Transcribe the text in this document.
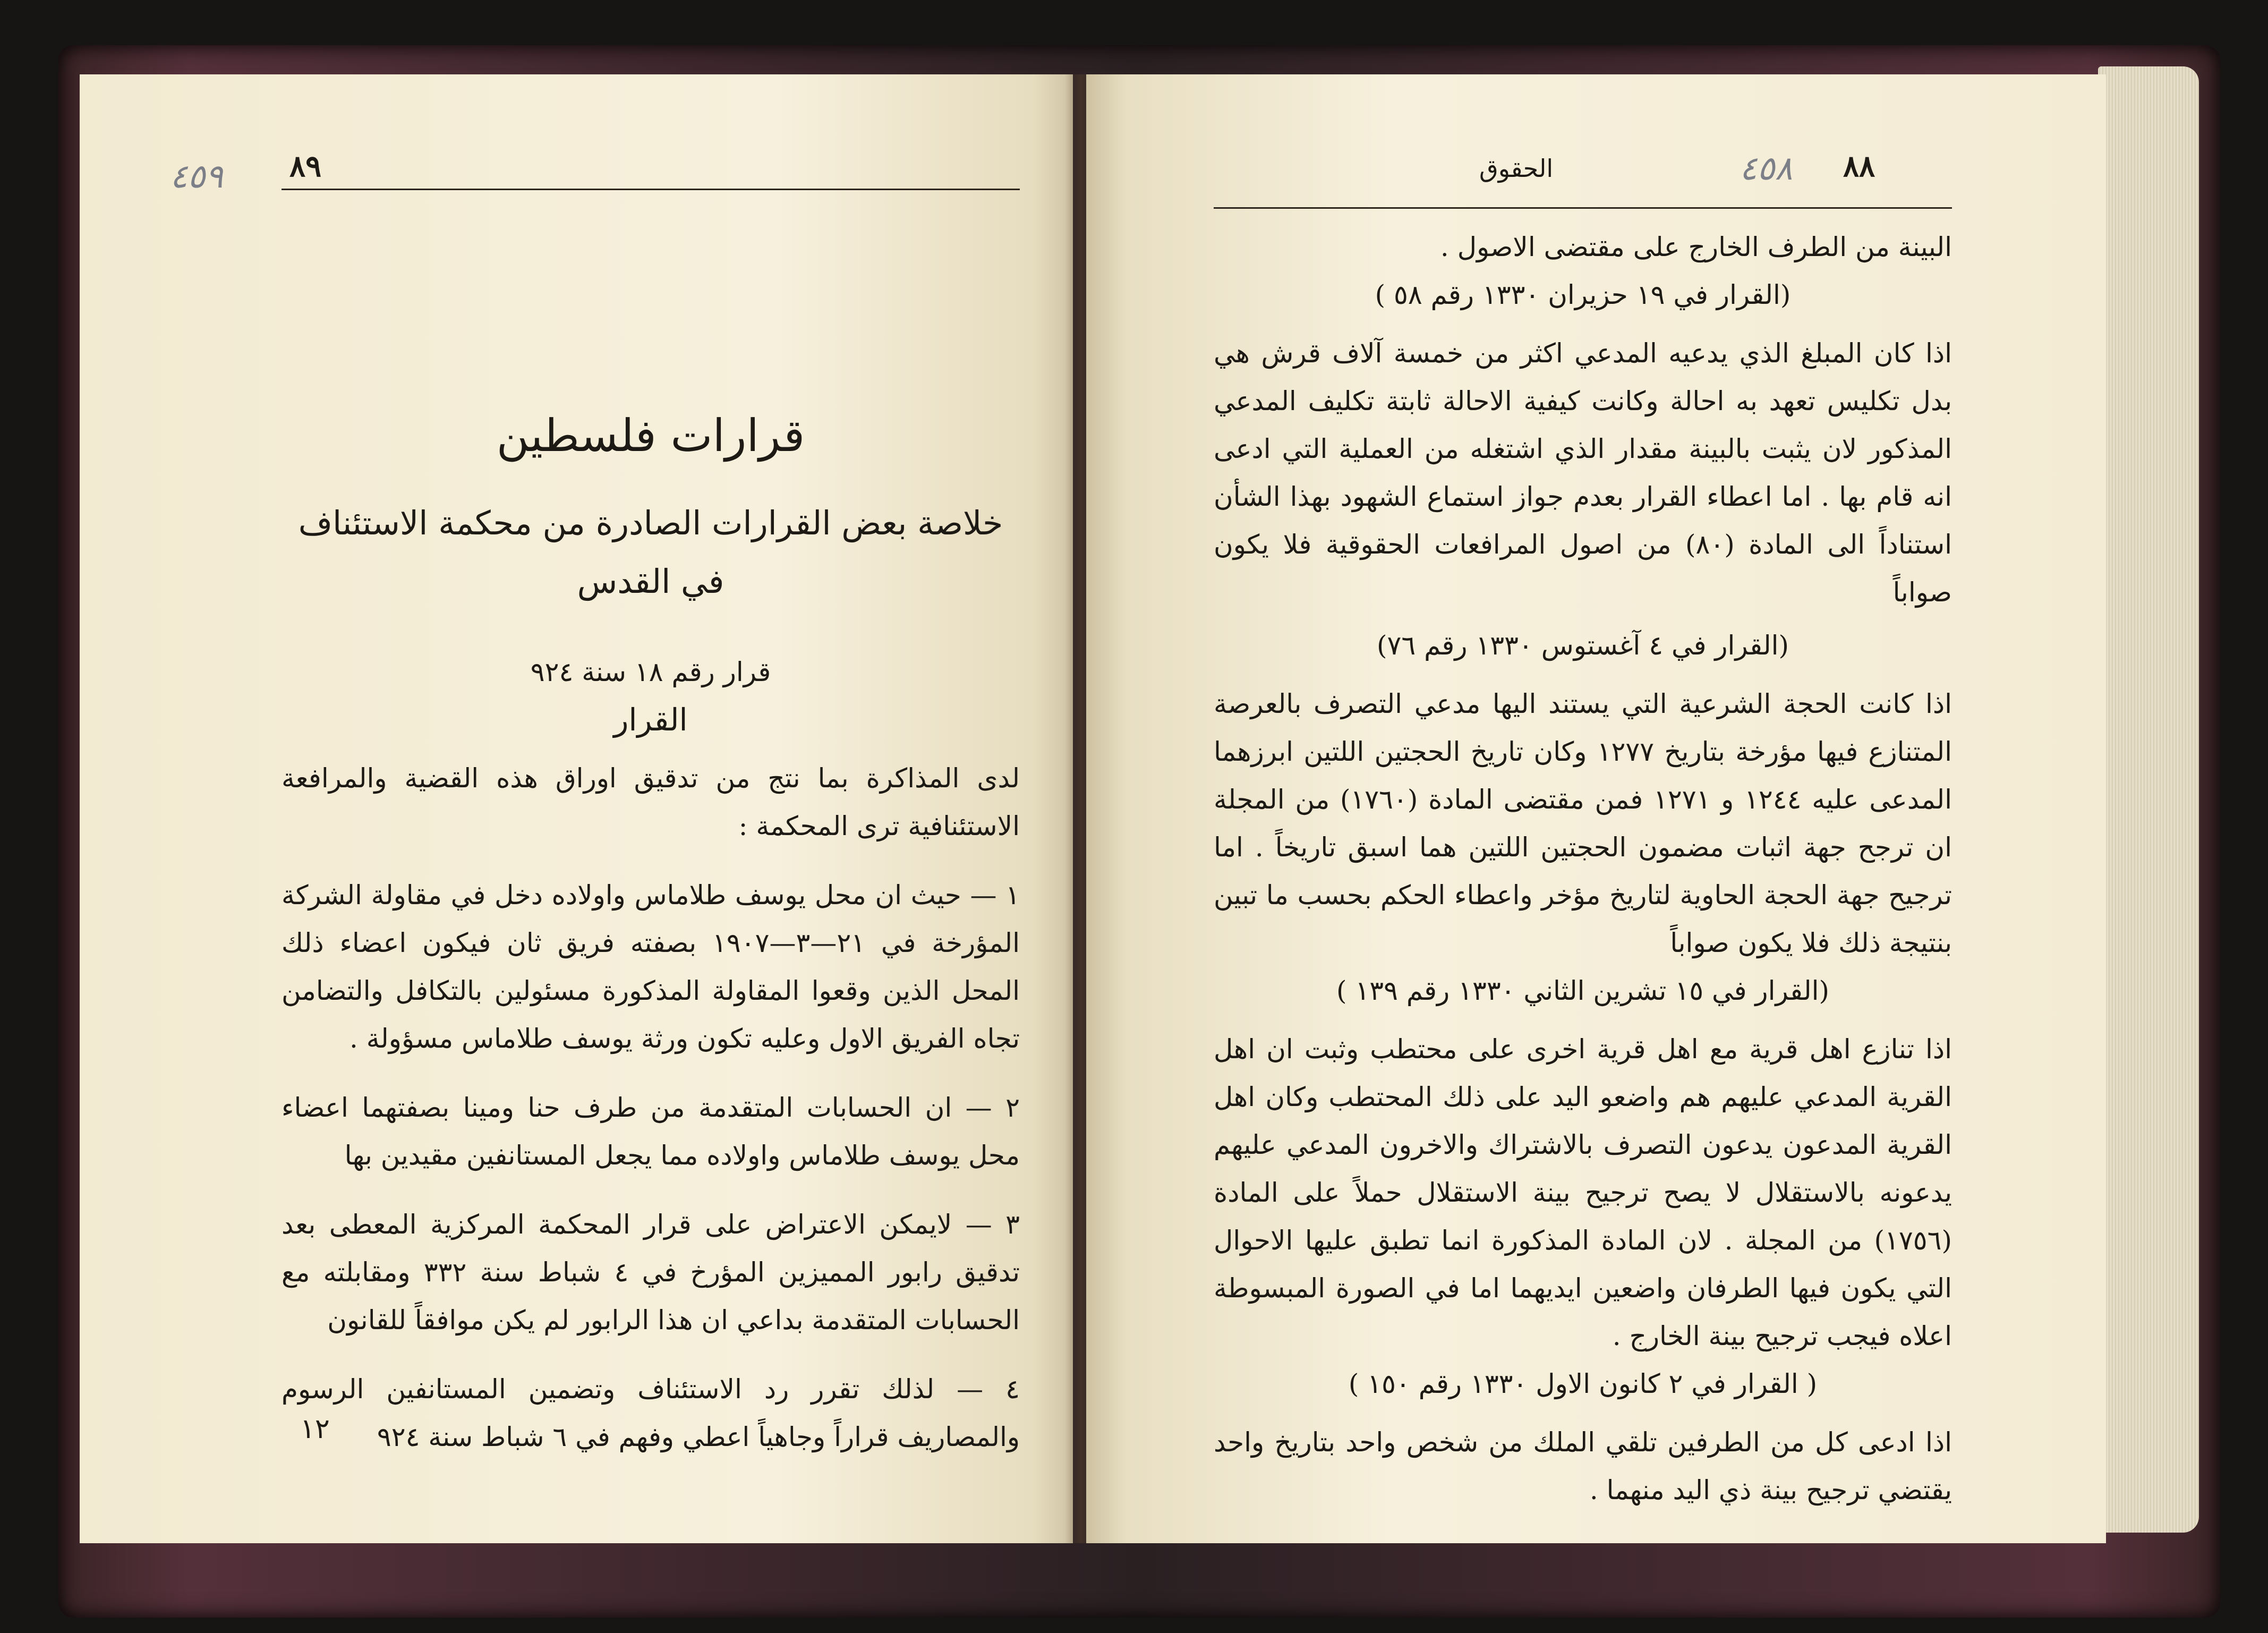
٤٥٩ ٨٩
قرارات فلسطين
خلاصة بعض القرارات الصادرة من محكمة الاستئناف في القدس
قرار رقم ١٨ سنة ٩٢٤
القرار

لدى المذاكرة بما نتج من تدقيق اوراق هذه القضية والمرافعة الاستئنافية ترى المحكمة :

١ — حيث ان محل يوسف طلاماس واولاده دخل في مقاولة الشركة المؤرخة في ٢١—٣—١٩٠٧ بصفته فريق ثان فيكون اعضاء ذلك المحل الذين وقعوا المقاولة المذكورة مسئولين بالتكافل والتضامن تجاه الفريق الاول وعليه تكون ورثة يوسف طلاماس مسؤولة .

٢ — ان الحسابات المتقدمة من طرف حنا ومينا بصفتهما اعضاء محل يوسف طلاماس واولاده مما يجعل المستانفين مقيدين بها

٣ — لايمكن الاعتراض على قرار المحكمة المركزية المعطى بعد تدقيق رابور المميزين المؤرخ في ٤ شباط سنة ٣٣٢ ومقابلته مع الحسابات المتقدمة بداعي ان هذا الرابور لم يكن موافقاً للقانون

٤ — لذلك تقرر رد الاستئناف وتضمين المستانفين الرسوم والمصاريف قراراً وجاهياً اعطي وفهم في ٦ شباط سنة ٩٢٤

١٢
الحقوق	٤٥٨ ٨٨

البينة من الطرف الخارج على مقتضى الاصول .

(القرار في ١٩ حزيران ١٣٣٠ رقم ٥٨ )

اذا كان المبلغ الذي يدعيه المدعي اكثر من خمسة آلاف قرش هي بدل تكليس تعهد به احالة وكانت كيفية الاحالة ثابتة تكليف المدعي المذكور لان يثبت بالبينة مقدار الذي اشتغله من العملية التي ادعى انه قام بها . اما اعطاء القرار بعدم جواز استماع الشهود بهذا الشأن استناداً الى المادة (٨٠) من اصول المرافعات الحقوقية فلا يكون صواباً

(القرار في ٤ آغستوس ١٣٣٠ رقم ٧٦)

اذا كانت الحجة الشرعية التي يستند اليها مدعي التصرف بالعرصة المتنازع فيها مؤرخة بتاريخ ١٢٧٧ وكان تاريخ الحجتين اللتين ابرزهما المدعى عليه ١٢٤٤ و ١٢٧١ فمن مقتضى المادة (١٧٦٠) من المجلة ان ترجح جهة اثبات مضمون الحجتين اللتين هما اسبق تاريخاً . اما ترجيح جهة الحجة الحاوية لتاريخ مؤخر واعطاء الحكم بحسب ما تبين بنتيجة ذلك فلا يكون صواباً

(القرار في ١٥ تشرين الثاني ١٣٣٠ رقم ١٣٩ )

اذا تنازع اهل قرية مع اهل قرية اخرى على محتطب وثبت ان اهل القرية المدعي عليهم هم واضعو اليد على ذلك المحتطب وكان اهل القرية المدعون يدعون التصرف بالاشتراك والاخرون المدعي عليهم يدعونه بالاستقلال لا يصح ترجيح بينة الاستقلال حملاً على المادة (١٧٥٦) من المجلة . لان المادة المذكورة انما تطبق عليها الاحوال التي يكون فيها الطرفان واضعين ايديهما اما في الصورة المبسوطة اعلاه فيجب ترجيح بينة الخارج .

( القرار في ٢ كانون الاول ١٣٣٠ رقم ١٥٠ )

اذا ادعى كل من الطرفين تلقي الملك من شخص واحد بتاريخ واحد يقتضي ترجيح بينة ذي اليد منهما .
